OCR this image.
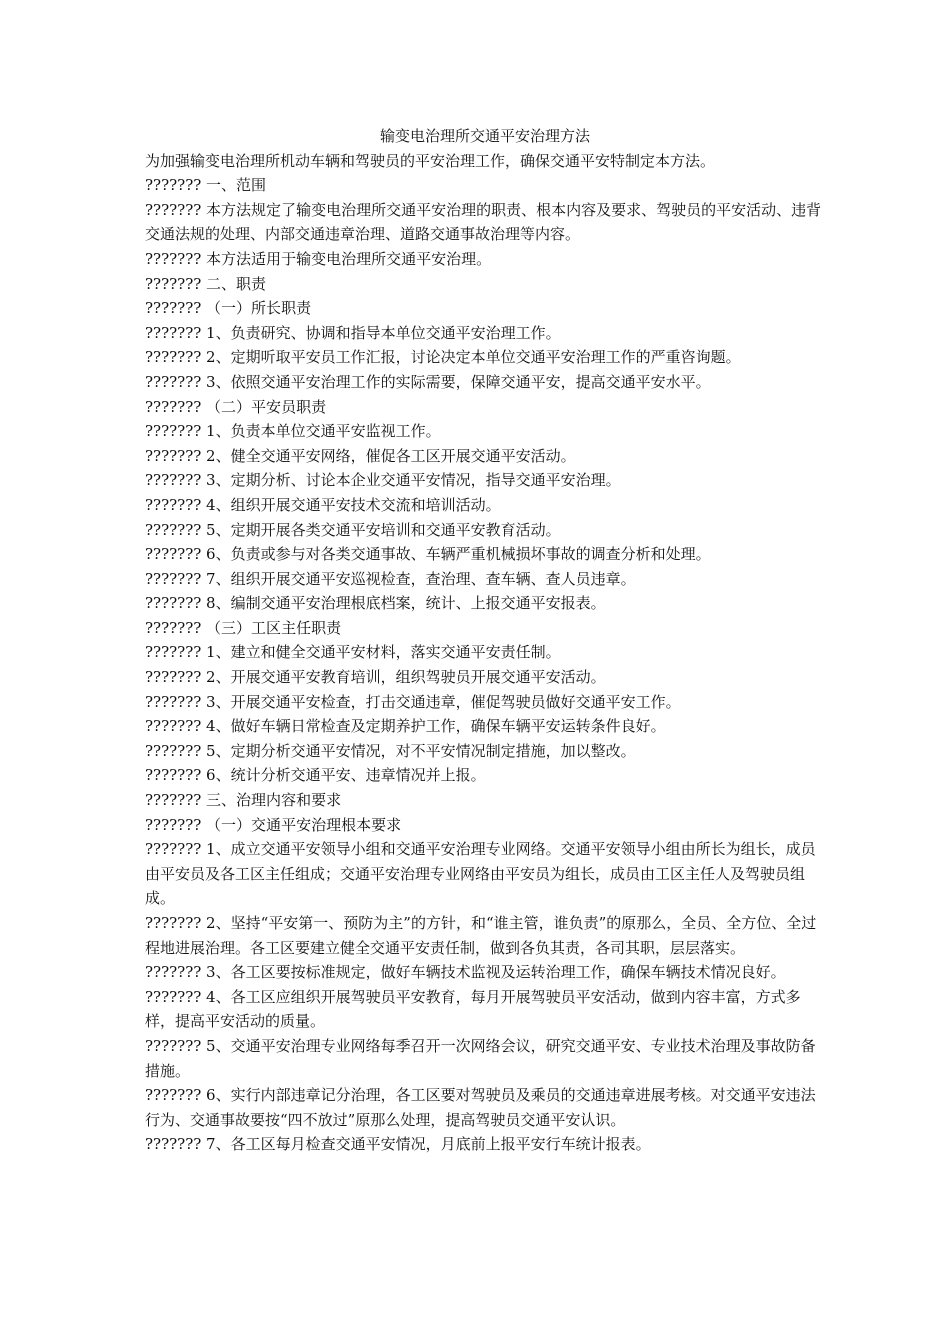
输变电治理所交通平安治理方法

为加强输变电治理所机动车辆和驾驶员的平安治理工作，确保交通平安特制定本方法。

??????? 一、范围

??????? 本方法规定了输变电治理所交通平安治理的职责、根本内容及要求、驾驶员的平安活动、违背交通法规的处理、内部交通违章治理、道路交通事故治理等内容。

??????? 本方法适用于输变电治理所交通平安治理。

??????? 二、职责

??????? （一）所长职责

??????? 1、负责研究、协调和指导本单位交通平安治理工作。

??????? 2、定期听取平安员工作汇报，讨论决定本单位交通平安治理工作的严重咨询题。

??????? 3、依照交通平安治理工作的实际需要，保障交通平安，提高交通平安水平。

??????? （二）平安员职责

??????? 1、负责本单位交通平安监视工作。

??????? 2、健全交通平安网络，催促各工区开展交通平安活动。

??????? 3、定期分析、讨论本企业交通平安情况，指导交通平安治理。

??????? 4、组织开展交通平安技术交流和培训活动。

??????? 5、定期开展各类交通平安培训和交通平安教育活动。

??????? 6、负责或参与对各类交通事故、车辆严重机械损坏事故的调查分析和处理。

??????? 7、组织开展交通平安巡视检查，查治理、查车辆、查人员违章。

??????? 8、编制交通平安治理根底档案，统计、上报交通平安报表。

??????? （三）工区主任职责

??????? 1、建立和健全交通平安材料，落实交通平安责任制。

??????? 2、开展交通平安教育培训，组织驾驶员开展交通平安活动。

??????? 3、开展交通平安检查，打击交通违章，催促驾驶员做好交通平安工作。

??????? 4、做好车辆日常检查及定期养护工作，确保车辆平安运转条件良好。

??????? 5、定期分析交通平安情况，对不平安情况制定措施，加以整改。

??????? 6、统计分析交通平安、违章情况并上报。

??????? 三、治理内容和要求

??????? （一）交通平安治理根本要求

??????? 1、成立交通平安领导小组和交通平安治理专业网络。交通平安领导小组由所长为组长，成员由平安员及各工区主任组成；交通平安治理专业网络由平安员为组长，成员由工区主任人及驾驶员组成。

??????? 2、坚持“平安第一、预防为主”的方针，和“谁主管，谁负责”的原那么，全员、全方位、全过程地进展治理。各工区要建立健全交通平安责任制，做到各负其责，各司其职，层层落实。

??????? 3、各工区要按标准规定，做好车辆技术监视及运转治理工作，确保车辆技术情况良好。

??????? 4、各工区应组织开展驾驶员平安教育，每月开展驾驶员平安活动，做到内容丰富，方式多样，提高平安活动的质量。

??????? 5、交通平安治理专业网络每季召开一次网络会议，研究交通平安、专业技术治理及事故防备措施。

??????? 6、实行内部违章记分治理，各工区要对驾驶员及乘员的交通违章进展考核。对交通平安违法行为、交通事故要按“四不放过”原那么处理，提高驾驶员交通平安认识。

??????? 7、各工区每月检查交通平安情况，月底前上报平安行车统计报表。
